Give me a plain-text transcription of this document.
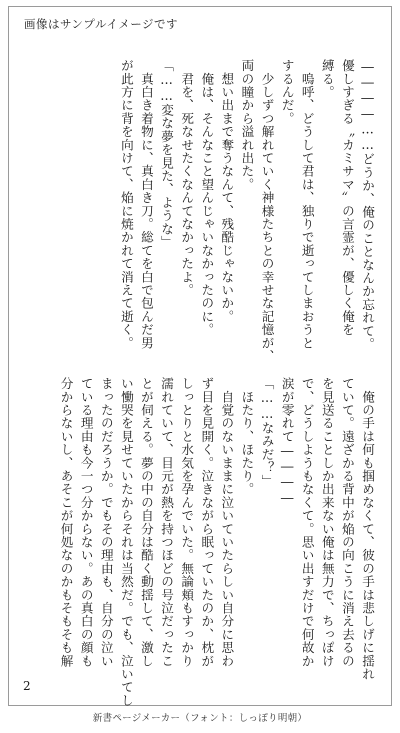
画像はサンプルイメージです
――――……どうか、俺のことなんか忘れて。
優しすぎる〝カミサマ〟の言霊が、優しく俺を
縛る。
　嗚呼、どうして君は、独りで逝ってしまおうと
するんだ。
　少しずつ解れていく神様たちとの幸せな記憶が、
両の瞳から溢れ出た。
　想い出まで奪うなんて、残酷じゃないか。
　俺は、そんなこと望んじゃいなかったのに。
　君を、死なせたくなんてなかったよ。
「……変な夢を見た、ような」
　真白き着物に、真白き刀。総てを白で包んだ男
が此方に背を向けて、焔に焼かれて消えて逝く。
　俺の手は何も掴めなくて、彼の手は悲しげに揺れ
ていて。遠ざかる背中が焔の向こうに消え去るの
を見送ることしか出来ない俺は無力で、ちっぽけ
で、どうしようもなくて。思い出すだけで何故か
涙が零れて――――
「……なみだ？」
　ほたり、ほたり。
　自覚のないままに泣いていたらしい自分に思わ
ず目を見開く。泣きながら眠っていたのか、枕が
しっとりと水気を孕んでいた。無論頬もすっかり
濡れていて、目元が熱を持つほどの号泣だったこ
とが伺える。夢の中の自分は酷く動揺して、激し
い慟哭を見せていたからそれは当然だ。でも、泣いてし
まったのだろうか。でもその理由も、自分の泣い
ている理由も今一つ分からない。あの真白の顔も
分からないし、あそこが何処なのかもそもそも解
2
新書ページメーカー（フォント：しっぽり明朝）
